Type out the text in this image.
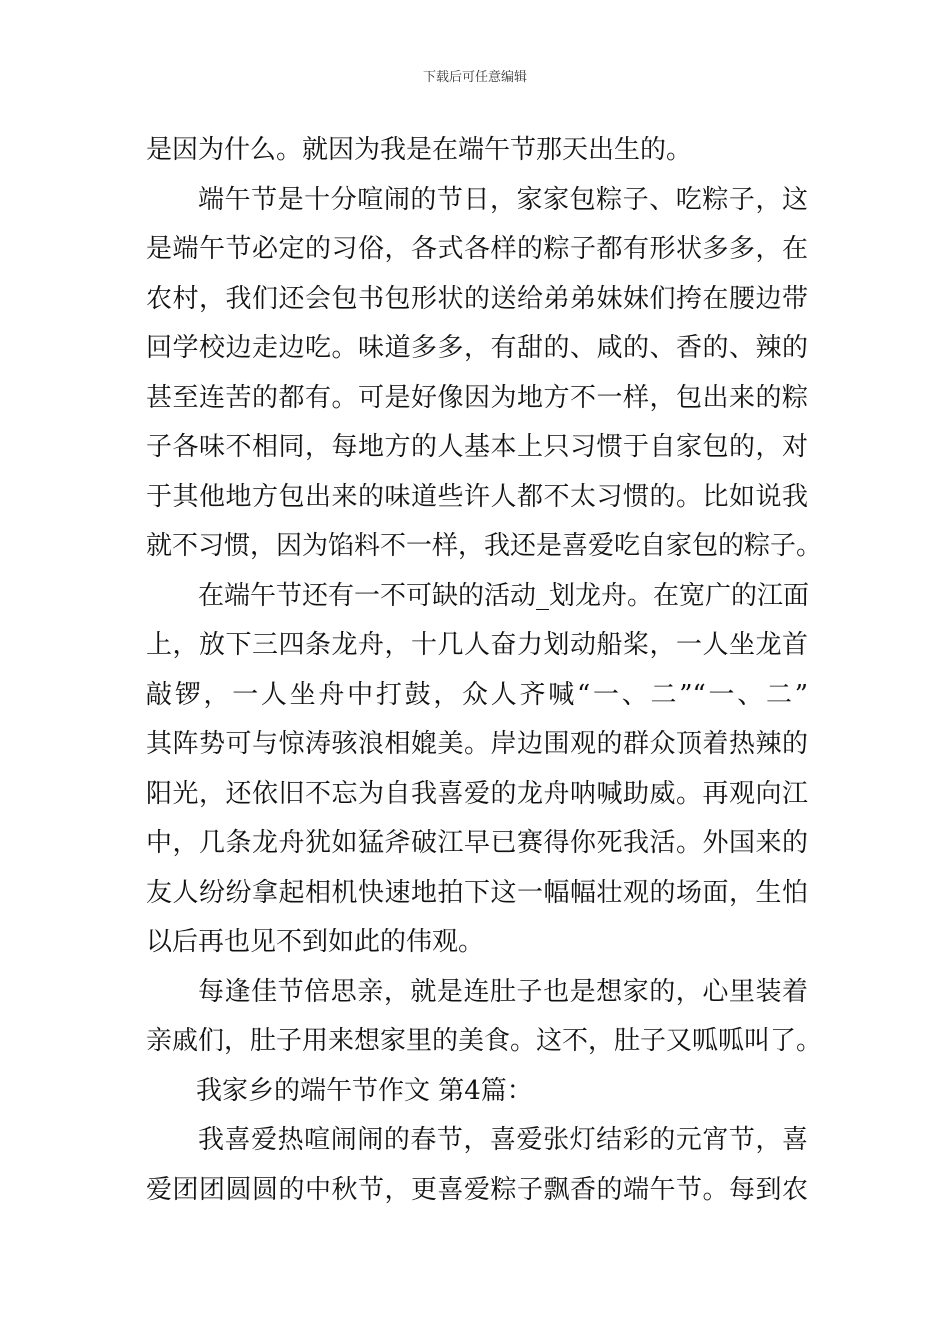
下载后可任意编辑
是因为什么。就因为我是在端午节那天出生的。
端午节是十分喧闹的节日，家家包粽子、吃粽子，这
是端午节必定的习俗，各式各样的粽子都有形状多多，在
农村，我们还会包书包形状的送给弟弟妹妹们挎在腰边带
回学校边走边吃。味道多多，有甜的、咸的、香的、辣的
甚至连苦的都有。可是好像因为地方不一样，包出来的粽
子各味不相同，每地方的人基本上只习惯于自家包的，对
于其他地方包出来的味道些许人都不太习惯的。比如说我
就不习惯，因为馅料不一样，我还是喜爱吃自家包的粽子。
在端午节还有一不可缺的活动_划龙舟。在宽广的江面
上，放下三四条龙舟，十几人奋力划动船桨，一人坐龙首
敲锣，一人坐舟中打鼓，众人齐喊“一、二”“一、二”
其阵势可与惊涛骇浪相媲美。岸边围观的群众顶着热辣的
阳光，还依旧不忘为自我喜爱的龙舟呐喊助威。再观向江
中，几条龙舟犹如猛斧破江早已赛得你死我活。外国来的
友人纷纷拿起相机快速地拍下这一幅幅壮观的场面，生怕
以后再也见不到如此的伟观。
每逢佳节倍思亲，就是连肚子也是想家的，心里装着
亲戚们，肚子用来想家里的美食。这不，肚子又呱呱叫了。
我家乡的端午节作文 第4篇：
我喜爱热喧闹闹的春节，喜爱张灯结彩的元宵节，喜
爱团团圆圆的中秋节，更喜爱粽子飘香的端午节。每到农
